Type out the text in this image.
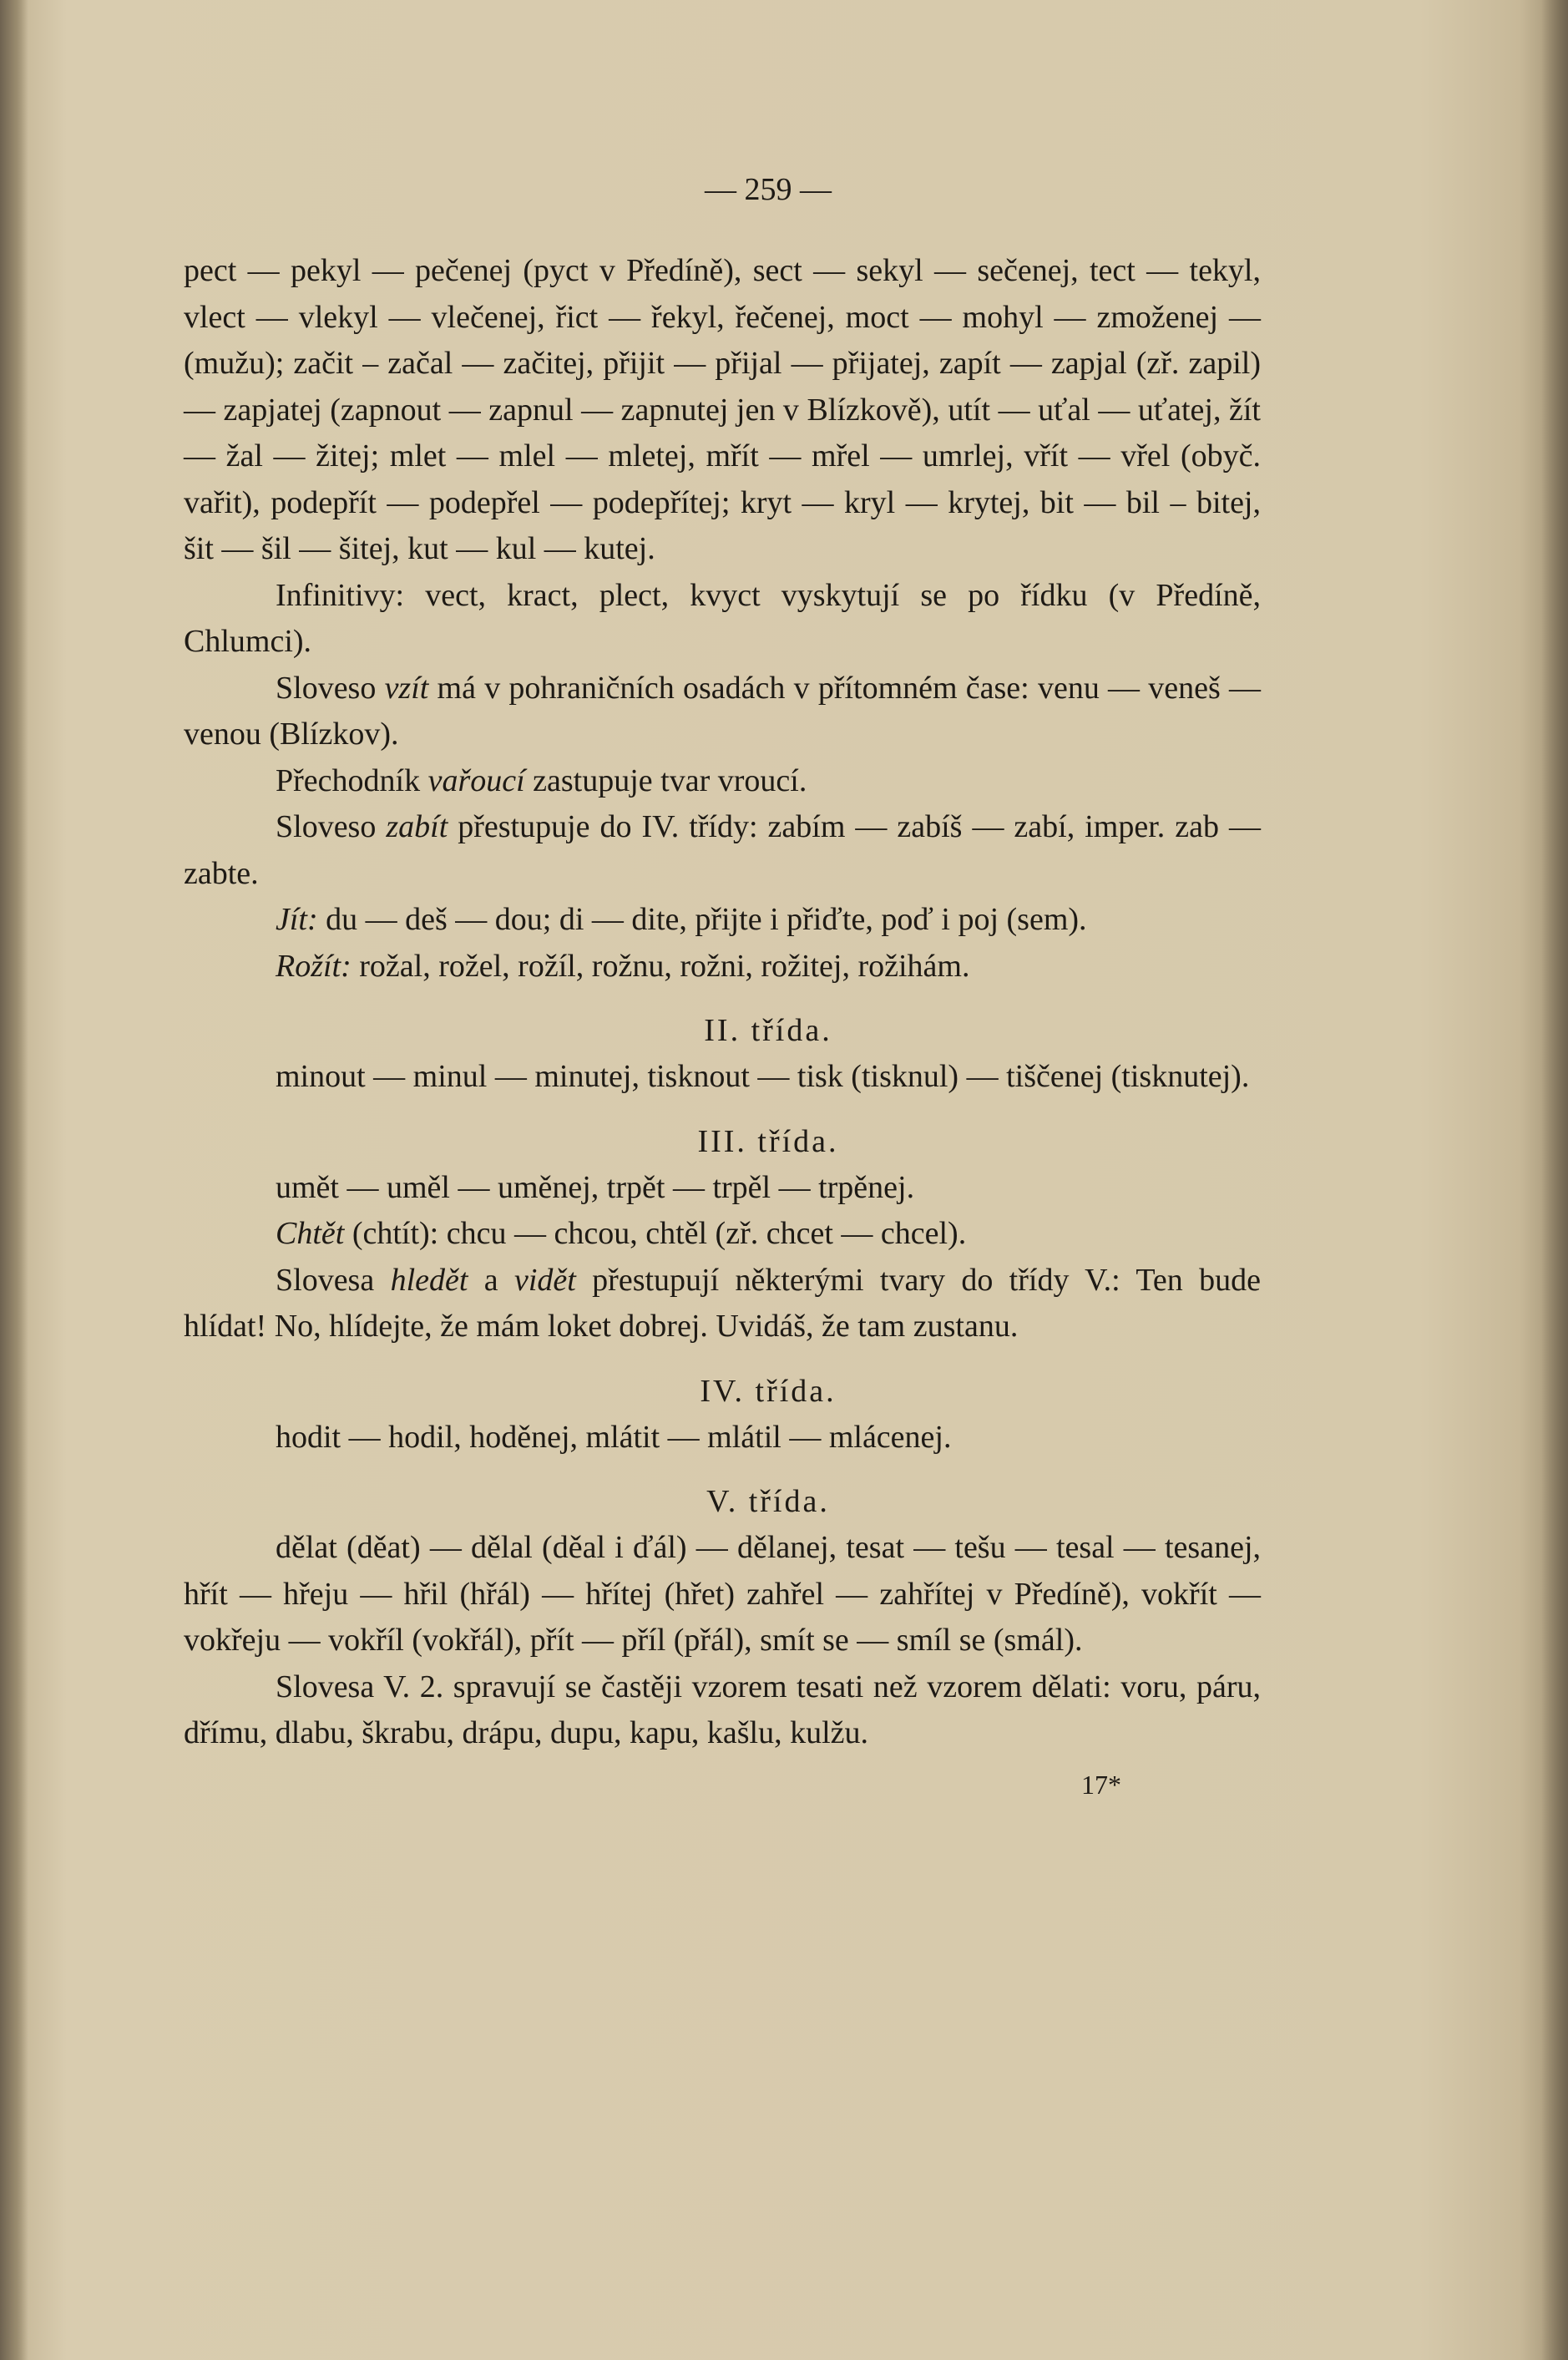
— 259 —

pect — pekyl — pečenej (pyct v Předíně), sect — sekyl — sečenej, tect — tekyl, vlect — vlekyl — vlečenej, řict — řekyl, řečenej, moct — mohyl — zmoženej — (mužu); začit – začal — začitej, přijit — přijal — přijatej, zapít — zapjal (zř. zapil) — zapjatej (zapnout — zapnul — zapnutej jen v Blízkově), utít — uťal — uťatej, žít — žal — žitej; mlet — mlel — mletej, mřít — mřel — umrlej, vřít — vřel (obyč. vařit), podepřít — podepřel — podepřítej; kryt — kryl — krytej, bit — bil – bitej, šit — šil — šitej, kut — kul — kutej.

Infinitivy: vect, kract, plect, kvyct vyskytují se po řídku (v Předíně, Chlumci).

Sloveso vzít má v pohraničních osadách v přítomném čase: venu — veneš — venou (Blízkov).

Přechodník vařoucí zastupuje tvar vroucí.

Sloveso zabít přestupuje do IV. třídy: zabím — zabíš — zabí, imper. zab — zabte.

Jít: du — deš — dou; di — dite, přijte i přiďte, poď i poj (sem).

Rožít: rožal, rožel, rožíl, rožnu, rožni, rožitej, rožihám.

II. třída.

minout — minul — minutej, tisknout — tisk (tisknul) — tiščenej (tisknutej).

III. třída.

umět — uměl — uměnej, trpět — trpěl — trpěnej.

Chtět (chtít): chcu — chcou, chtěl (zř. chcet — chcel).

Slovesa hledět a vidět přestupují některými tvary do třídy V.: Ten bude hlídat! No, hlídejte, že mám loket dobrej. Uvidáš, že tam zustanu.

IV. třída.

hodit — hodil, hoděnej, mlátit — mlátil — mlácenej.

V. třída.

dělat (děat) — dělal (děal i ďál) — dělanej, tesat — tešu — tesal — tesanej, hřít — hřeju — hřil (hřál) — hřítej (hřet) zahřel — zahřítej v Předíně), vokřít — vokřeju — vokříl (vokřál), přít — příl (přál), smít se — smíl se (smál).

Slovesa V. 2. spravují se častěji vzorem tesati než vzorem dělati: voru, páru, dřímu, dlabu, škrabu, drápu, dupu, kapu, kašlu, kulžu.

17*
